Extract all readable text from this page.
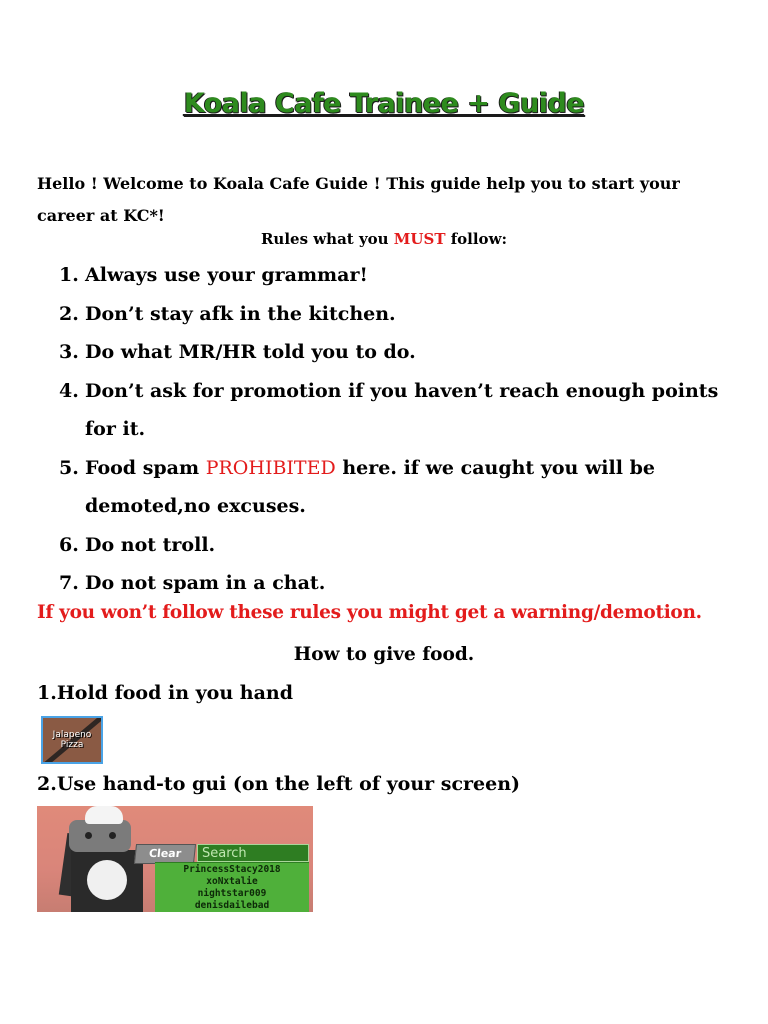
Koala Cafe Trainee + Guide
Hello ! Welcome to Koala Cafe Guide ! This guide help you to start your career at KC*!
Rules what you MUST follow:
1. Always use your grammar!
2. Don’t stay afk in the kitchen.
3. Do what MR/HR told you to do.
4. Don’t ask for promotion if you haven’t reach enough points for it.
5. Food spam PROHIBITED here. if we caught you will be demoted,no excuses.
6. Do not troll.
7. Do not spam in a chat.
If you won’t follow these rules you might get a warning/demotion.
How to give food.
1.Hold food in you hand
Jalapeno
Pizza
2.Use hand-to gui (on the left of your screen)
Clear	Search
PrincessStacy2018
xoNxtalie
nightstar009
denisdailebad
